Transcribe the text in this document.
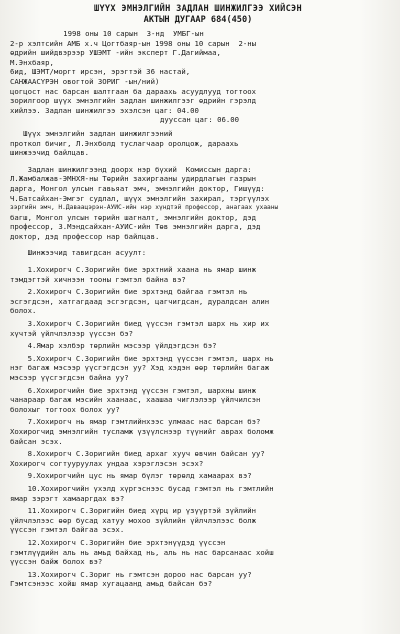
ШҮҮХ ЭМНЭЛГИЙН ЗАДЛАН ШИНЖИЛГЭЭ ХИЙСЭН

АКТЫН ДУГААР 684(450)

1998 оны 10 сарын  3-нд  УМБГ-ын
2-р хэлтсийн АМБ х.ч Цогтбаяр-ын 1998 оны 10 сарын  2-ны
өдрийн шийдвэрээр УШЭМТ -ийн эксперт Г.Дагиймаа,
М.Энхбаяр,
6ид, ШЭМТ/моргт ирсэн, эрэгтэй 36 настай,
САНЖААСҮРЭН овогтой ЗОРИГ -ын/ний)
цогцост нас барсан шалтгаан ба дараахь асуудлууд тогтоох
зорилгоор шүүх эмнэлгийн задлан шинжилгээг өдрийн гэрэлд
хийлээ. Задлан шинжилгээ эхэлсэн цаг: 04.00
дууссан цаг: 06.00
Шүүх эмнэлгийн задлан шинжилгээний
проткол бичиг, Л.Энхболд туслагчаар оролцож, дараахь
шинжээчид байлцав.
Задлан шинжилгээнд доорх нэр бүхий  Комиссын дарга:
Л.Жамбалжав-ЭМНХЯ-ны Төрийн захиргааны удирдлагын газрын
дарга, Монгол улсын гавьяат эмч, эмнэлгийн доктор, Гишүүд:
Ч.Батсайхан-Эмгэг судлал, шүүх эмнэлгийн захирал, тэргүүлэх
зэргийн эмч, Н.Даваацэрэн-АУИС-ийн нэр хүндтэй профессор, анагаах ухааны
багш, Монгол улсын төрийн шагналт, эмнэлгийн доктор, дэд
профессор, З.Мэндсайхан-АУИС-ийн Төв эмнэлгийн дарга, дэд
доктор, дэд профессор нар байлцав.
Шинжээчид тавигдсан асуулт:
1.Хохирогч С.Зоригийн бие эрхтний хаана нь ямар шинж
тэмдэгтэй хичнээн тооны гэмтэл байна вэ?
2.Хохирогч С.Зоригийн бие эрхтэнд байгаа гэмтэл нь
эсгэгдсэн, хатгагдаад эсгэгдсэн, цагчигдсан, дуралдсан алин
болох.
3.Хохирогч С.Зоригийн биед үүссэн гэмтэл шарх нь хир их
хүчтэй үйлчлэлээр үүссэн бэ?
4.Ямар хэлбэр төрлийн мэсээр үйлдэгдсэн бэ?
5.Хохирогч С.Зоригийн бие эрхтэнд үүссэн гэмтэл, шарх нь
нэг багаж мэсээр үүсгэгдсэн уу? Хэд хэдэн өөр төрлийн багаж
мэсээр үүсгэгдсэн байна уу?
6.Хохирогчийн бие эрхтэнд үүссэн гэмтэл, шархны шинж
чанараар багаж мэсийн хаанаас, хаашаа чиглэлээр үйлчилсэн
болохыг тогтоох болох уу?
7.Хохирогч нь ямар гэмтлийнхээс улмаас нас барсан бэ?
Хохирогчид эмнэлгийн тусламж үзүүлснээр түүнийг аврах боломж
байсан эсэх.
8.Хохирогч С.Зоригийн биед архаг хууч өвчин байсан уу?
Хохирогч согтууруулах ундаа хэрэглэсэн эсэх?
9.Хохирогчийн цус нь ямар бүлэг төрөлд хамаарах вэ?
10.Хохирогчийн үхэлд хүргэснээс бусад гэмтэл нь гэмтлийн
ямар зэрэгт хамааргдах вэ?
11.Хохирогч С.Зоригийн биед хүрц ир үзүүртэй зүйлийн
үйлчлэлээс өөр бусад хатуу мохоо зүйлийн үйлчлэлээс болж
үүссэн гэмтэл байгаа эсэх.
12.Хохирогч С.Зоригийн бие эрхтэнүүдэд үүссэн
гэмтлүүдийн аль нь амьд байхад нь, аль нь нас барсанаас хойш
үүссэн байж болох вэ?
13.Хохирогч С.Зориг нь гэмтсэн дороо нас барсан уу?
Гэмтсэнээс хойш ямар хугацаанд амьд байсан бэ?
